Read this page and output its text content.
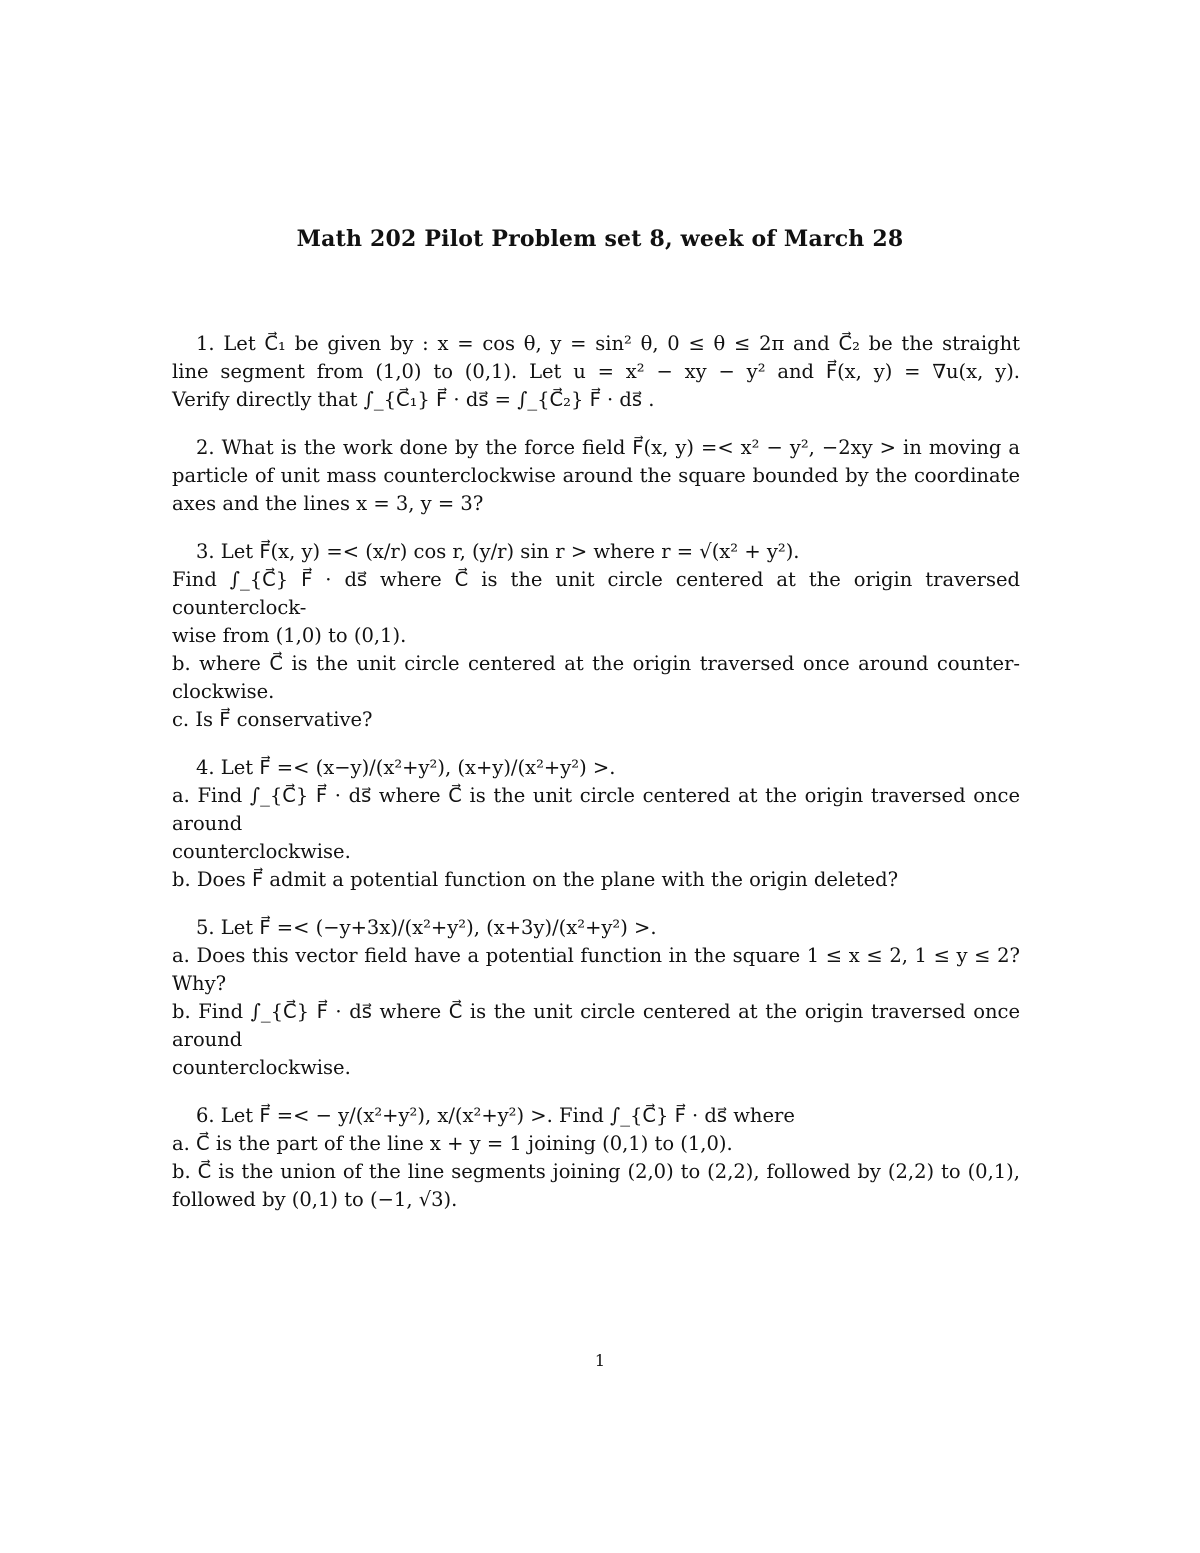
Math 202 Pilot Problem set 8, week of March 28
1. Let C⃗₁ be given by : x = cos θ, y = sin² θ, 0 ≤ θ ≤ 2π and C⃗₂ be the straight
line segment from (1,0) to (0,1). Let u = x² − xy − y² and F⃗(x, y) = ∇u(x, y).
Verify directly that ∫_{C⃗₁} F⃗ · ds⃗ = ∫_{C⃗₂} F⃗ · ds⃗ .
2. What is the work done by the force field F⃗(x, y) =< x² − y², −2xy > in moving a
particle of unit mass counterclockwise around the square bounded by the coordinate
axes and the lines x = 3, y = 3?
3. Let F⃗(x, y) =< (x/r) cos r, (y/r) sin r > where r = √(x² + y²).
Find ∫_{C⃗} F⃗ · ds⃗ where C⃗ is the unit circle centered at the origin traversed counterclock-
wise from (1,0) to (0,1).
b. where C⃗ is the unit circle centered at the origin traversed once around counter-
clockwise.
c. Is F⃗ conservative?
4. Let F⃗ =< (x−y)/(x²+y²), (x+y)/(x²+y²) >.
a. Find ∫_{C⃗} F⃗ · ds⃗ where C⃗ is the unit circle centered at the origin traversed once around
counterclockwise.
b. Does F⃗ admit a potential function on the plane with the origin deleted?
5. Let F⃗ =< (−y+3x)/(x²+y²), (x+3y)/(x²+y²) >.
a. Does this vector field have a potential function in the square 1 ≤ x ≤ 2, 1 ≤ y ≤ 2?
Why?
b. Find ∫_{C⃗} F⃗ · ds⃗ where C⃗ is the unit circle centered at the origin traversed once around
counterclockwise.
6. Let F⃗ =< − y/(x²+y²), x/(x²+y²) >. Find ∫_{C⃗} F⃗ · ds⃗ where
a. C⃗ is the part of the line x + y = 1 joining (0,1) to (1,0).
b. C⃗ is the union of the line segments joining (2,0) to (2,2), followed by (2,2) to (0,1),
followed by (0,1) to (−1, √3).
1
